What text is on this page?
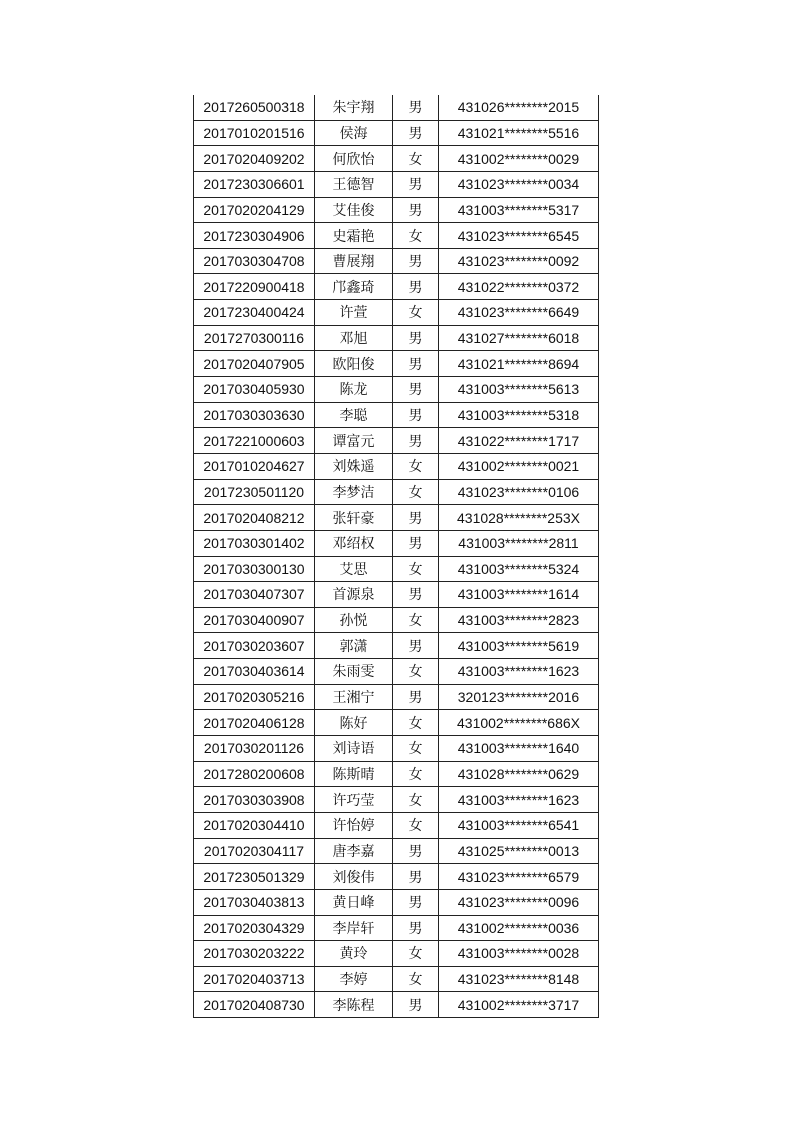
2017260500318	朱宇翔	男	431026********2015
2017010201516	侯海	男	431021********5516
2017020409202	何欣怡	女	431002********0029
2017230306601	王德智	男	431023********0034
2017020204129	艾佳俊	男	431003********5317
2017230304906	史霜艳	女	431023********6545
2017030304708	曹展翔	男	431023********0092
2017220900418	邝鑫琦	男	431022********0372
2017230400424	许萱	女	431023********6649
2017270300116	邓旭	男	431027********6018
2017020407905	欧阳俊	男	431021********8694
2017030405930	陈龙	男	431003********5613
2017030303630	李聪	男	431003********5318
2017221000603	谭富元	男	431022********1717
2017010204627	刘姝遥	女	431002********0021
2017230501120	李梦洁	女	431023********0106
2017020408212	张轩豪	男	431028********253X
2017030301402	邓绍权	男	431003********2811
2017030300130	艾思	女	431003********5324
2017030407307	首源泉	男	431003********1614
2017030400907	孙悦	女	431003********2823
2017030203607	郭潇	男	431003********5619
2017030403614	朱雨雯	女	431003********1623
2017020305216	王湘宁	男	320123********2016
2017020406128	陈好	女	431002********686X
2017030201126	刘诗语	女	431003********1640
2017280200608	陈斯晴	女	431028********0629
2017030303908	许巧莹	女	431003********1623
2017020304410	许怡婷	女	431003********6541
2017020304117	唐李嘉	男	431025********0013
2017230501329	刘俊伟	男	431023********6579
2017030403813	黄日峰	男	431023********0096
2017020304329	李岸轩	男	431002********0036
2017030203222	黄玲	女	431003********0028
2017020403713	李婷	女	431023********8148
2017020408730	李陈程	男	431002********3717
